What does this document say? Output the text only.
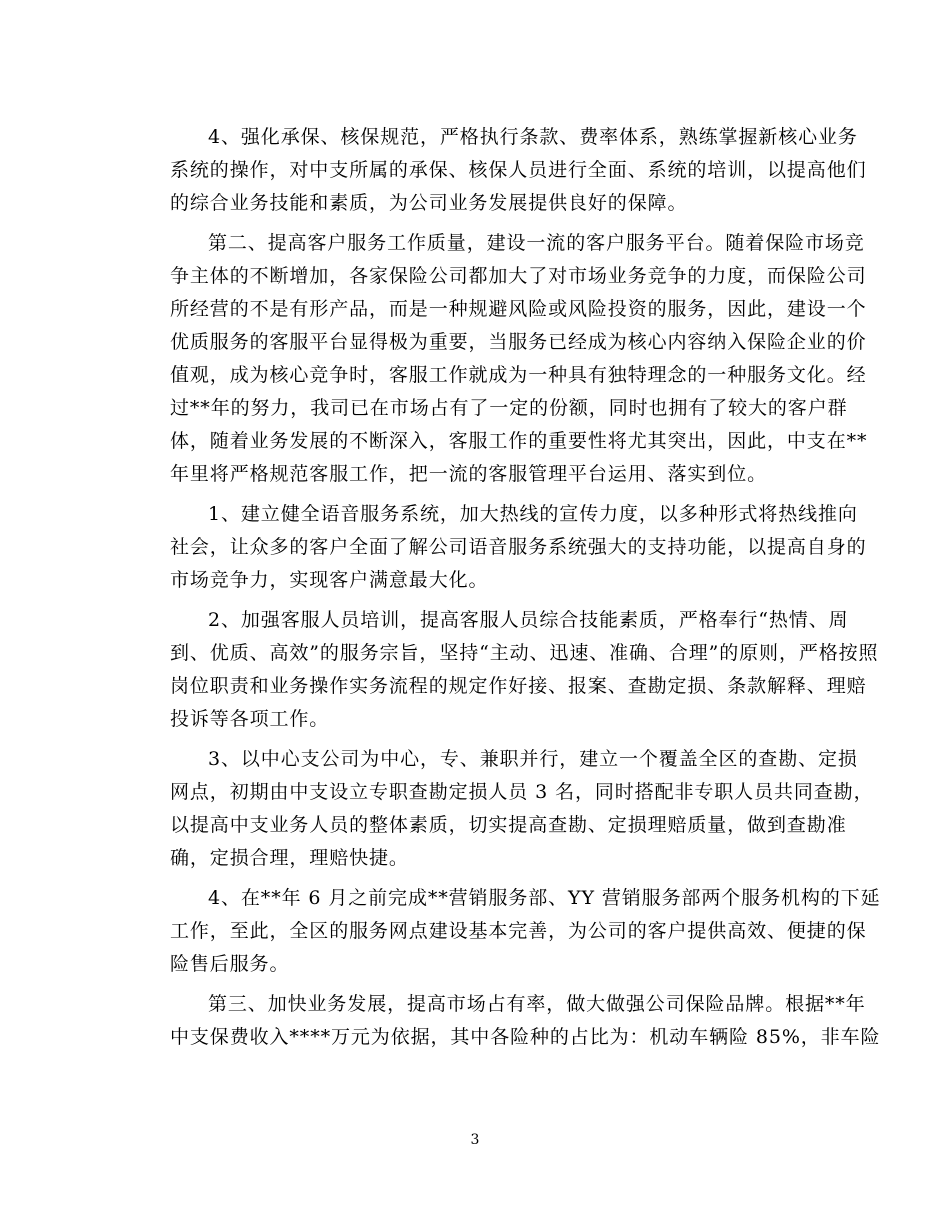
4、强化承保、核保规范，严格执行条款、费率体系，熟练掌握新核心业务
系统的操作，对中支所属的承保、核保人员进行全面、系统的培训，以提高他们
的综合业务技能和素质，为公司业务发展提供良好的保障。
第二、提高客户服务工作质量，建设一流的客户服务平台。随着保险市场竞
争主体的不断增加，各家保险公司都加大了对市场业务竞争的力度，而保险公司
所经营的不是有形产品，而是一种规避风险或风险投资的服务，因此，建设一个
优质服务的客服平台显得极为重要，当服务已经成为核心内容纳入保险企业的价
值观，成为核心竞争时，客服工作就成为一种具有独特理念的一种服务文化。经
过**年的努力，我司已在市场占有了一定的份额，同时也拥有了较大的客户群
体，随着业务发展的不断深入，客服工作的重要性将尤其突出，因此，中支在**
年里将严格规范客服工作，把一流的客服管理平台运用、落实到位。
1、建立健全语音服务系统，加大热线的宣传力度，以多种形式将热线推向
社会，让众多的客户全面了解公司语音服务系统强大的支持功能，以提高自身的
市场竞争力，实现客户满意最大化。
2、加强客服人员培训，提高客服人员综合技能素质，严格奉行“热情、周
到、优质、高效”的服务宗旨，坚持“主动、迅速、准确、合理”的原则，严格按照
岗位职责和业务操作实务流程的规定作好接、报案、查勘定损、条款解释、理赔
投诉等各项工作。
3、以中心支公司为中心，专、兼职并行，建立一个覆盖全区的查勘、定损
网点，初期由中支设立专职查勘定损人员 3 名，同时搭配非专职人员共同查勘，
以提高中支业务人员的整体素质，切实提高查勘、定损理赔质量，做到查勘准
确，定损合理，理赔快捷。
4、在**年 6 月之前完成**营销服务部、YY 营销服务部两个服务机构的下延
工作，至此，全区的服务网点建设基本完善，为公司的客户提供高效、便捷的保
险售后服务。
第三、加快业务发展，提高市场占有率，做大做强公司保险品牌。根据**年
中支保费收入****万元为依据，其中各险种的占比为：机动车辆险 85%，非车险
3
